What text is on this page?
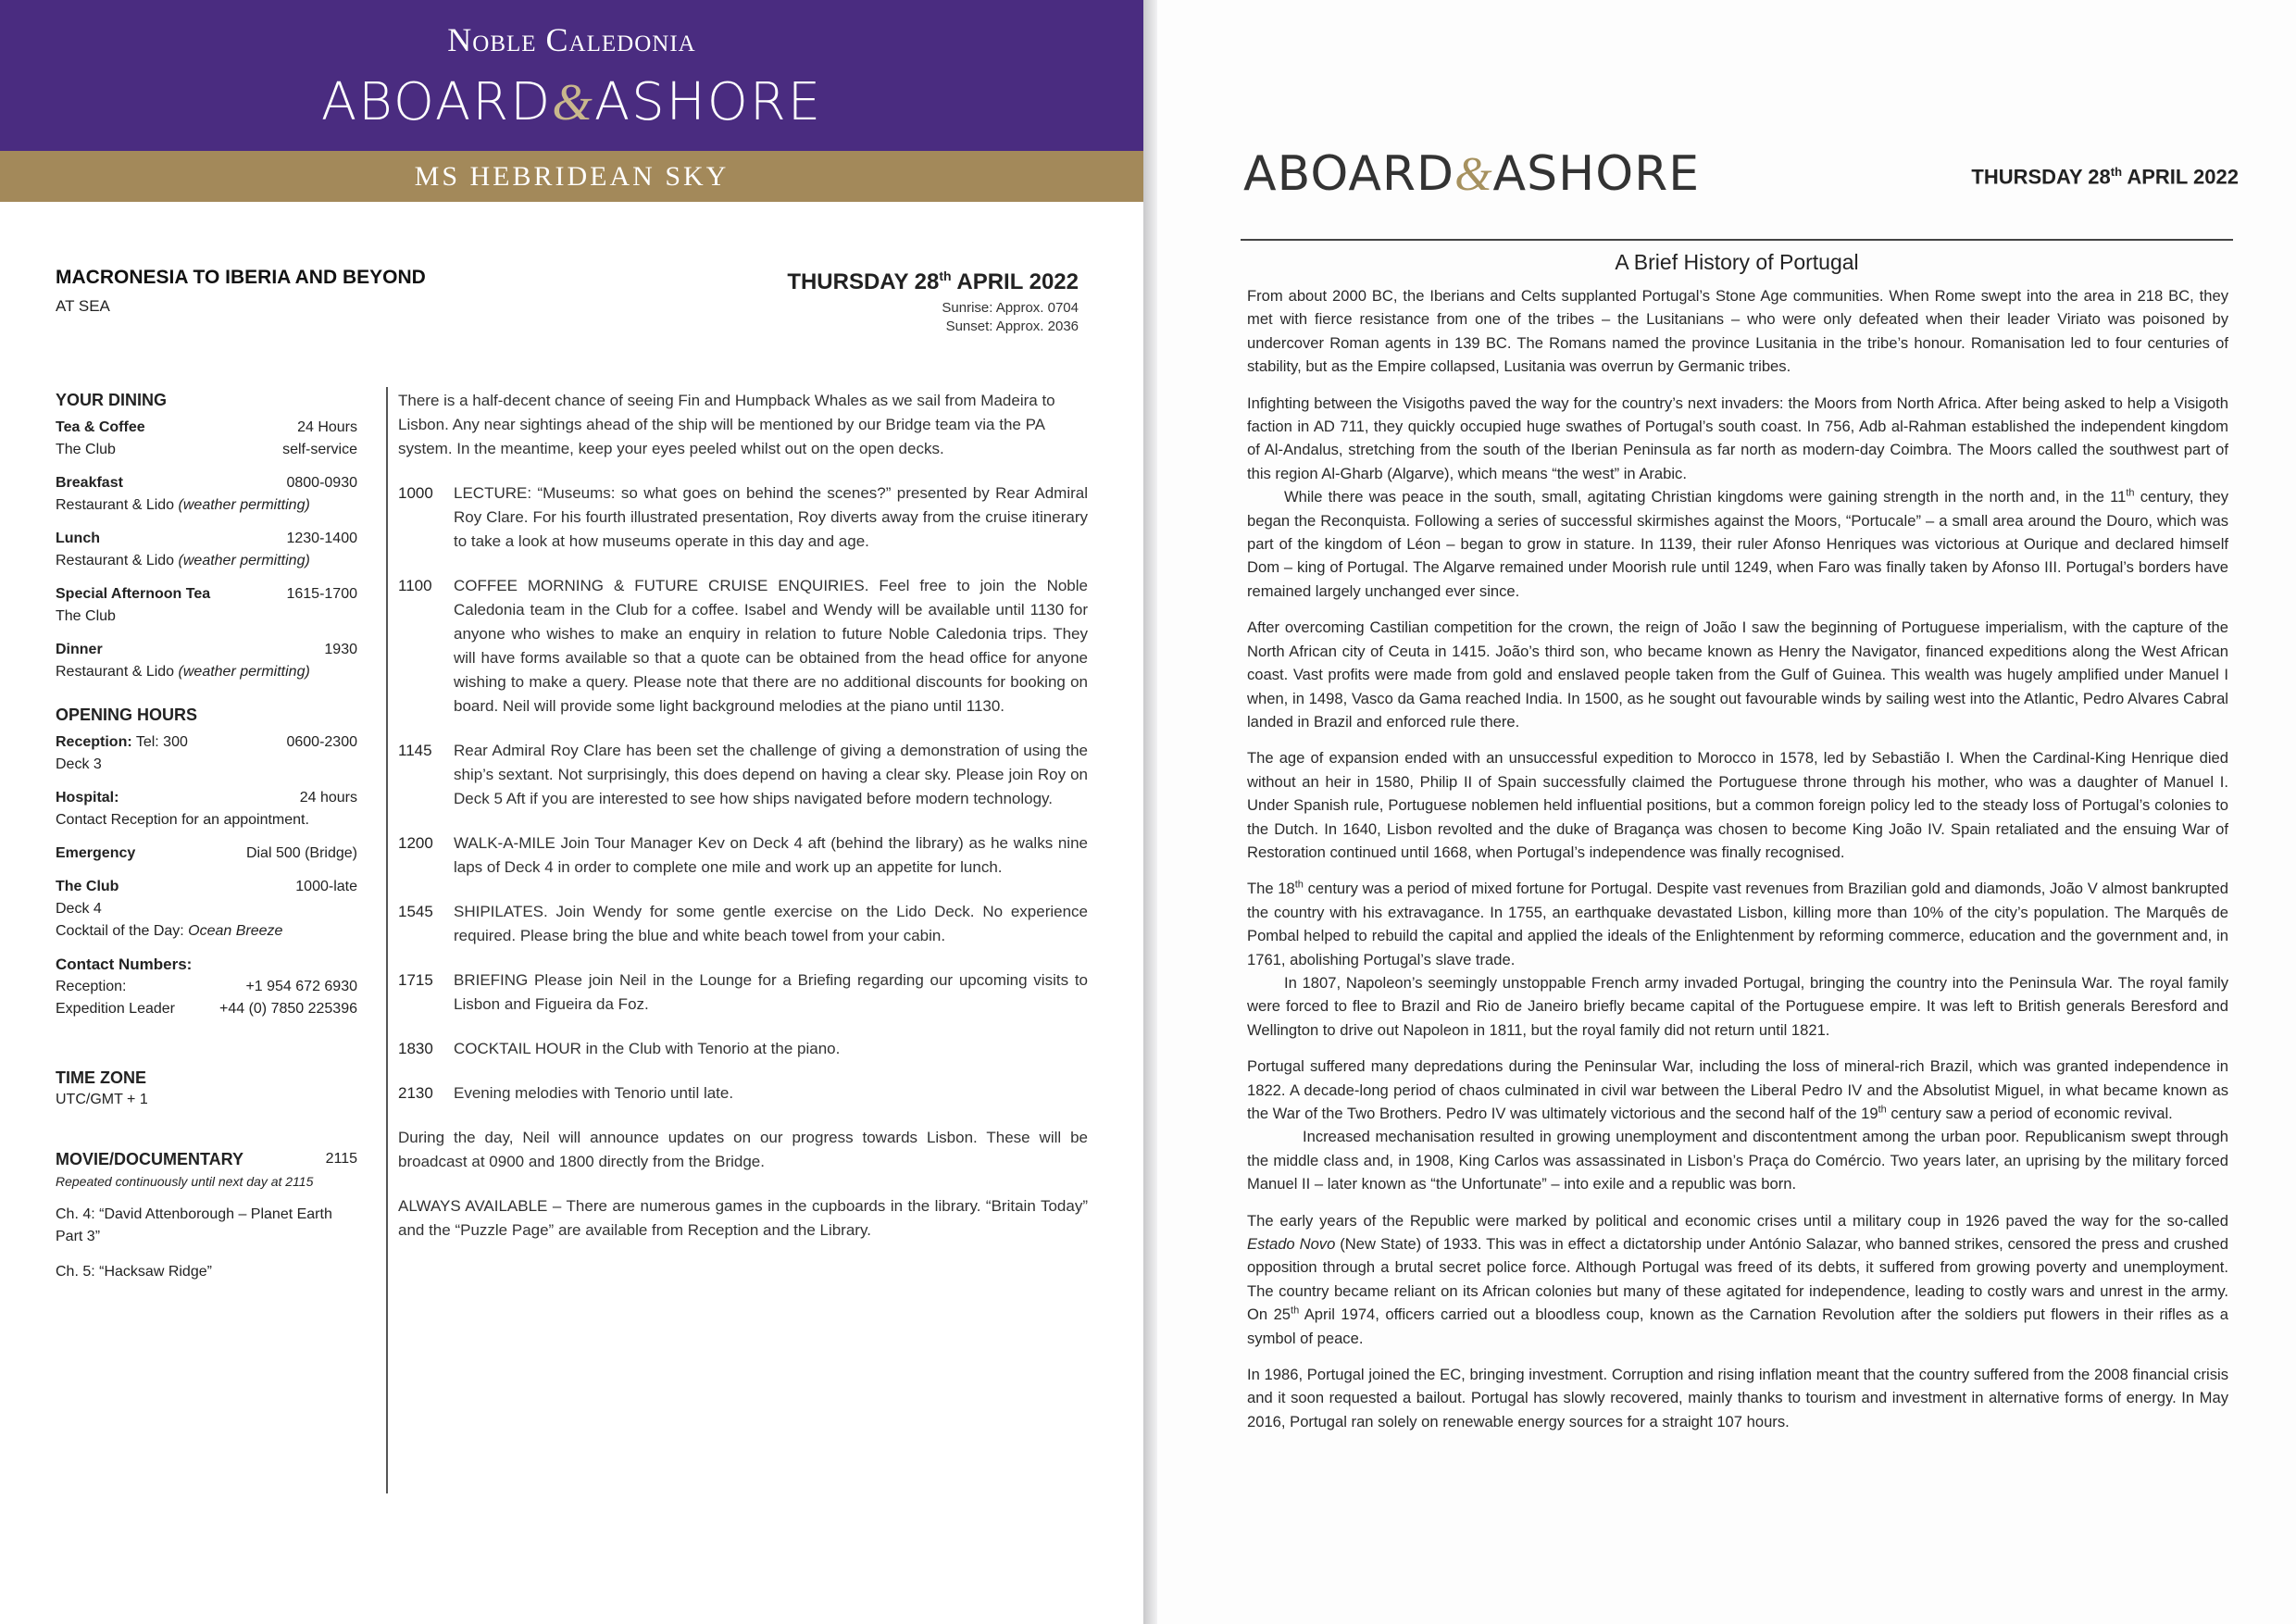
Noble Caledonia
ABOARD&ASHORE
MS HEBRIDEAN SKY
MACRONESIA TO IBERIA AND BEYOND
AT SEA
THURSDAY 28th APRIL 2022
Sunrise: Approx. 0704
Sunset: Approx. 2036
YOUR DINING
Tea & Coffee	24 Hours
The Club	self-service
Breakfast	0800-0930
Restaurant & Lido (weather permitting)
Lunch	1230-1400
Restaurant & Lido (weather permitting)
Special Afternoon Tea	1615-1700
The Club
Dinner	1930
Restaurant & Lido (weather permitting)
OPENING HOURS
Reception: Tel: 300	0600-2300
Deck 3
Hospital:	24 hours
Contact Reception for an appointment.
Emergency	Dial 500 (Bridge)
The Club	1000-late
Deck 4
Cocktail of the Day: Ocean Breeze
Contact Numbers:
Reception:	+1 954 672 6930
Expedition Leader	+44 (0) 7850 225396
TIME ZONE
UTC/GMT + 1
MOVIE/DOCUMENTARY	2115
Repeated continuously until next day at 2115
Ch. 4: “David Attenborough – Planet Earth Part 3”
Ch. 5: “Hacksaw Ridge”
There is a half-decent chance of seeing Fin and Humpback Whales as we sail from Madeira to Lisbon. Any near sightings ahead of the ship will be mentioned by our Bridge team via the PA system. In the meantime, keep your eyes peeled whilst out on the open decks.
1000	LECTURE: “Museums: so what goes on behind the scenes?” presented by Rear Admiral Roy Clare. For his fourth illustrated presentation, Roy diverts away from the cruise itinerary to take a look at how museums operate in this day and age.
1100	COFFEE MORNING & FUTURE CRUISE ENQUIRIES. Feel free to join the Noble Caledonia team in the Club for a coffee. Isabel and Wendy will be available until 1130 for anyone who wishes to make an enquiry in relation to future Noble Caledonia trips. They will have forms available so that a quote can be obtained from the head office for anyone wishing to make a query. Please note that there are no additional discounts for booking on board. Neil will provide some light background melodies at the piano until 1130.
1145	Rear Admiral Roy Clare has been set the challenge of giving a demonstration of using the ship’s sextant. Not surprisingly, this does depend on having a clear sky. Please join Roy on Deck 5 Aft if you are interested to see how ships navigated before modern technology.
1200	WALK-A-MILE Join Tour Manager Kev on Deck 4 aft (behind the library) as he walks nine laps of Deck 4 in order to complete one mile and work up an appetite for lunch.
1545	SHIPILATES. Join Wendy for some gentle exercise on the Lido Deck. No experience required. Please bring the blue and white beach towel from your cabin.
1715	BRIEFING Please join Neil in the Lounge for a Briefing regarding our upcoming visits to Lisbon and Figueira da Foz.
1830	COCKTAIL HOUR in the Club with Tenorio at the piano.
2130	Evening melodies with Tenorio until late.
During the day, Neil will announce updates on our progress towards Lisbon. These will be broadcast at 0900 and 1800 directly from the Bridge.
ALWAYS AVAILABLE – There are numerous games in the cupboards in the library. “Britain Today” and the “Puzzle Page” are available from Reception and the Library.
ABOARD&ASHORE	THURSDAY 28th APRIL 2022
A Brief History of Portugal

From about 2000 BC, the Iberians and Celts supplanted Portugal’s Stone Age communities. When Rome swept into the area in 218 BC, they met with fierce resistance from one of the tribes – the Lusitanians – who were only defeated when their leader Viriato was poisoned by undercover Roman agents in 139 BC. The Romans named the province Lusitania in the tribe’s honour. Romanisation led to four centuries of stability, but as the Empire collapsed, Lusitania was overrun by Germanic tribes.

Infighting between the Visigoths paved the way for the country’s next invaders: the Moors from North Africa. After being asked to help a Visigoth faction in AD 711, they quickly occupied huge swathes of Portugal’s south coast. In 756, Adb al-Rahman established the independent kingdom of Al-Andalus, stretching from the south of the Iberian Peninsula as far north as modern-day Coimbra. The Moors called the southwest part of this region Al-Gharb (Algarve), which means “the west” in Arabic.

While there was peace in the south, small, agitating Christian kingdoms were gaining strength in the north and, in the 11th century, they began the Reconquista. Following a series of successful skirmishes against the Moors, “Portucale” – a small area around the Douro, which was part of the kingdom of Léon – began to grow in stature. In 1139, their ruler Afonso Henriques was victorious at Ourique and declared himself Dom – king of Portugal. The Algarve remained under Moorish rule until 1249, when Faro was finally taken by Afonso III. Portugal’s borders have remained largely unchanged ever since.

After overcoming Castilian competition for the crown, the reign of João I saw the beginning of Portuguese imperialism, with the capture of the North African city of Ceuta in 1415. João’s third son, who became known as Henry the Navigator, financed expeditions along the West African coast. Vast profits were made from gold and enslaved people taken from the Gulf of Guinea. This wealth was hugely amplified under Manuel I when, in 1498, Vasco da Gama reached India. In 1500, as he sought out favourable winds by sailing west into the Atlantic, Pedro Alvares Cabral landed in Brazil and enforced rule there.

The age of expansion ended with an unsuccessful expedition to Morocco in 1578, led by Sebastião I. When the Cardinal-King Henrique died without an heir in 1580, Philip II of Spain successfully claimed the Portuguese throne through his mother, who was a daughter of Manuel I. Under Spanish rule, Portuguese noblemen held influential positions, but a common foreign policy led to the steady loss of Portugal’s colonies to the Dutch. In 1640, Lisbon revolted and the duke of Bragança was chosen to become King João IV. Spain retaliated and the ensuing War of Restoration continued until 1668, when Portugal’s independence was finally recognised.

The 18th century was a period of mixed fortune for Portugal. Despite vast revenues from Brazilian gold and diamonds, João V almost bankrupted the country with his extravagance. In 1755, an earthquake devastated Lisbon, killing more than 10% of the city’s population. The Marquês de Pombal helped to rebuild the capital and applied the ideals of the Enlightenment by reforming commerce, education and the government and, in 1761, abolishing Portugal’s slave trade.

In 1807, Napoleon’s seemingly unstoppable French army invaded Portugal, bringing the country into the Peninsula War. The royal family were forced to flee to Brazil and Rio de Janeiro briefly became capital of the Portuguese empire. It was left to British generals Beresford and Wellington to drive out Napoleon in 1811, but the royal family did not return until 1821.

Portugal suffered many depredations during the Peninsular War, including the loss of mineral-rich Brazil, which was granted independence in 1822. A decade-long period of chaos culminated in civil war between the Liberal Pedro IV and the Absolutist Miguel, in what became known as the War of the Two Brothers. Pedro IV was ultimately victorious and the second half of the 19th century saw a period of economic revival.

Increased mechanisation resulted in growing unemployment and discontentment among the urban poor. Republicanism swept through the middle class and, in 1908, King Carlos was assassinated in Lisbon’s Praça do Comércio. Two years later, an uprising by the military forced Manuel II – later known as “the Unfortunate” – into exile and a republic was born.

The early years of the Republic were marked by political and economic crises until a military coup in 1926 paved the way for the so-called Estado Novo (New State) of 1933. This was in effect a dictatorship under António Salazar, who banned strikes, censored the press and crushed opposition through a brutal secret police force. Although Portugal was freed of its debts, it suffered from growing poverty and unemployment. The country became reliant on its African colonies but many of these agitated for independence, leading to costly wars and unrest in the army. On 25th April 1974, officers carried out a bloodless coup, known as the Carnation Revolution after the soldiers put flowers in their rifles as a symbol of peace.

In 1986, Portugal joined the EC, bringing investment. Corruption and rising inflation meant that the country suffered from the 2008 financial crisis and it soon requested a bailout. Portugal has slowly recovered, mainly thanks to tourism and investment in alternative forms of energy. In May 2016, Portugal ran solely on renewable energy sources for a straight 107 hours.
